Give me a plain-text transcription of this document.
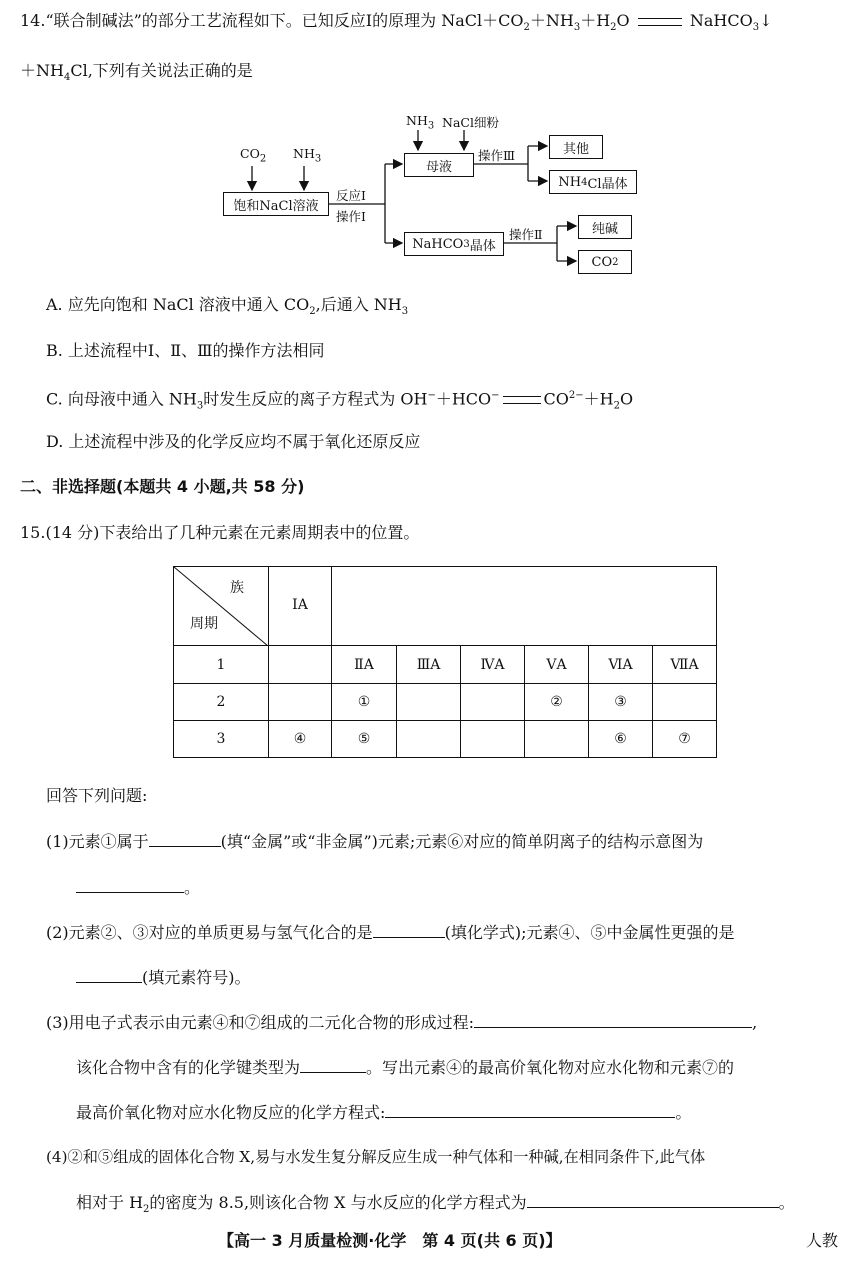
14.“联合制碱法”的部分工艺流程如下。已知反应Ⅰ的原理为 $NaCl+CO_2+NH_3+H_2O$	NaHCO$_3$↓
$+NH_4Cl$,下列有关说法正确的是
$CO_2$ $NH_3$
饱和NaCl溶液
反应Ⅰ
操作Ⅰ
$NH_3$ NaCl细粉
母液
操作Ⅲ	其他
NH 4 Cl晶体
NaHCO 3 晶体
操作Ⅱ	纯碱
CO 2
A. 应先向饱和 NaCl 溶液中通入 $CO_2$,后通入 $NH_3$
B. 上述流程中Ⅰ、Ⅱ、Ⅲ的操作方法相同
C. 向母液中通入 $NH_3$时发生反应的离子方程式为 OH−＋HCO−	$CO^{2-}+H_2O$
D. 上述流程中涉及的化学反应均不属于氧化还原反应
二、非选择题(本题共 4 小题,共 58 分)
15.(14 分)下表给出了几种元素在元素周期表中的位置。
族
周期	ⅠA						
1		ⅡA	ⅢA	ⅣA	ⅤA	ⅥA	ⅦA
2		①			②	③	
3	④	⑤				⑥	⑦
回答下列问题:
(1)元素①属于	(填“金属”或“非金属”)元素;元素⑥对应的简单阴离子的结构示意图为
。
(2)元素②、③对应的单质更易与氢气化合的是	(填化学式);元素④、⑤中金属性更强的是
(填元素符号)。
(3)用电子式表示由元素④和⑦组成的二元化合物的形成过程:	,
该化合物中含有的化学键类型为	。写出元素④的最高价氧化物对应水化物和元素⑦的
最高价氧化物对应水化物反应的化学方程式:	。
(4)②和⑤组成的固体化合物 X,易与水发生复分解反应生成一种气体和一种碱,在相同条件下,此气体
相对于 $H_2$的密度为 8.5,则该化合物 X 与水反应的化学方程式为	。
【高一 3 月质量检测·化学　第 4 页(共 6 页)】	人教
